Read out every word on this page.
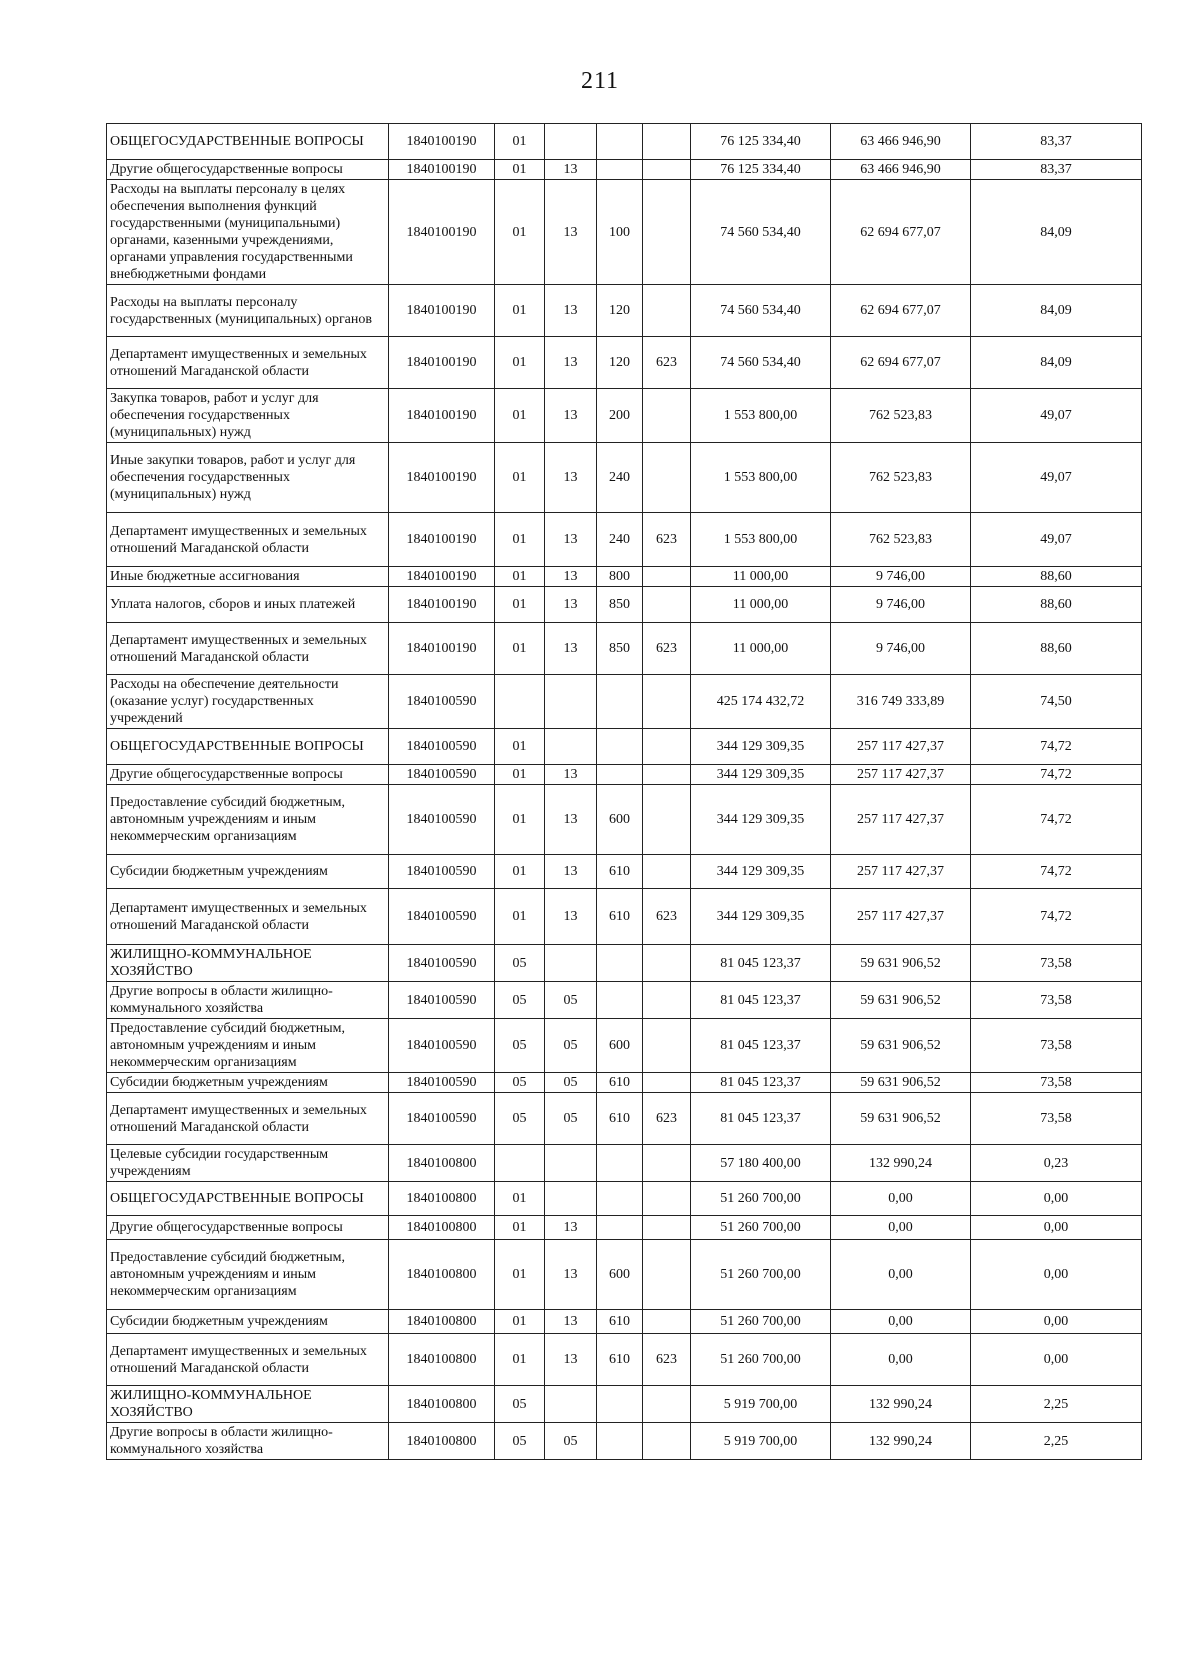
211
ОБЩЕГОСУДАРСТВЕННЫЕ ВОПРОСЫ	1840100190	01				76 125 334,40	63 466 946,90	83,37
Другие общегосударственные вопросы	1840100190	01	13			76 125 334,40	63 466 946,90	83,37
Расходы на выплаты персоналу в целях обеспечения выполнения функций государственными (муниципальными) органами, казенными учреждениями, органами управления государственными внебюджетными фондами	1840100190	01	13	100		74 560 534,40	62 694 677,07	84,09
Расходы на выплаты персоналу государственных (муниципальных) органов	1840100190	01	13	120		74 560 534,40	62 694 677,07	84,09
Департамент имущественных и земельных отношений Магаданской области	1840100190	01	13	120	623	74 560 534,40	62 694 677,07	84,09
Закупка товаров, работ и услуг для обеспечения государственных (муниципальных) нужд	1840100190	01	13	200		1 553 800,00	762 523,83	49,07
Иные закупки товаров, работ и услуг для обеспечения государственных (муниципальных) нужд	1840100190	01	13	240		1 553 800,00	762 523,83	49,07
Департамент имущественных и земельных отношений Магаданской области	1840100190	01	13	240	623	1 553 800,00	762 523,83	49,07
Иные бюджетные ассигнования	1840100190	01	13	800		11 000,00	9 746,00	88,60
Уплата налогов, сборов и иных платежей	1840100190	01	13	850		11 000,00	9 746,00	88,60
Департамент имущественных и земельных отношений Магаданской области	1840100190	01	13	850	623	11 000,00	9 746,00	88,60
Расходы на обеспечение деятельности (оказание услуг) государственных учреждений	1840100590					425 174 432,72	316 749 333,89	74,50
ОБЩЕГОСУДАРСТВЕННЫЕ ВОПРОСЫ	1840100590	01				344 129 309,35	257 117 427,37	74,72
Другие общегосударственные вопросы	1840100590	01	13			344 129 309,35	257 117 427,37	74,72
Предоставление субсидий бюджетным, автономным учреждениям и иным некоммерческим организациям	1840100590	01	13	600		344 129 309,35	257 117 427,37	74,72
Субсидии бюджетным учреждениям	1840100590	01	13	610		344 129 309,35	257 117 427,37	74,72
Департамент имущественных и земельных отношений Магаданской области	1840100590	01	13	610	623	344 129 309,35	257 117 427,37	74,72
ЖИЛИЩНО-КОММУНАЛЬНОЕ ХОЗЯЙСТВО	1840100590	05				81 045 123,37	59 631 906,52	73,58
Другие вопросы в области жилищно-коммунального хозяйства	1840100590	05	05			81 045 123,37	59 631 906,52	73,58
Предоставление субсидий бюджетным, автономным учреждениям и иным некоммерческим организациям	1840100590	05	05	600		81 045 123,37	59 631 906,52	73,58
Субсидии бюджетным учреждениям	1840100590	05	05	610		81 045 123,37	59 631 906,52	73,58
Департамент имущественных и земельных отношений Магаданской области	1840100590	05	05	610	623	81 045 123,37	59 631 906,52	73,58
Целевые субсидии государственным учреждениям	1840100800					57 180 400,00	132 990,24	0,23
ОБЩЕГОСУДАРСТВЕННЫЕ ВОПРОСЫ	1840100800	01				51 260 700,00	0,00	0,00
Другие общегосударственные вопросы	1840100800	01	13			51 260 700,00	0,00	0,00
Предоставление субсидий бюджетным, автономным учреждениям и иным некоммерческим организациям	1840100800	01	13	600		51 260 700,00	0,00	0,00
Субсидии бюджетным учреждениям	1840100800	01	13	610		51 260 700,00	0,00	0,00
Департамент имущественных и земельных отношений Магаданской области	1840100800	01	13	610	623	51 260 700,00	0,00	0,00
ЖИЛИЩНО-КОММУНАЛЬНОЕ ХОЗЯЙСТВО	1840100800	05				5 919 700,00	132 990,24	2,25
Другие вопросы в области жилищно-коммунального хозяйства	1840100800	05	05			5 919 700,00	132 990,24	2,25
